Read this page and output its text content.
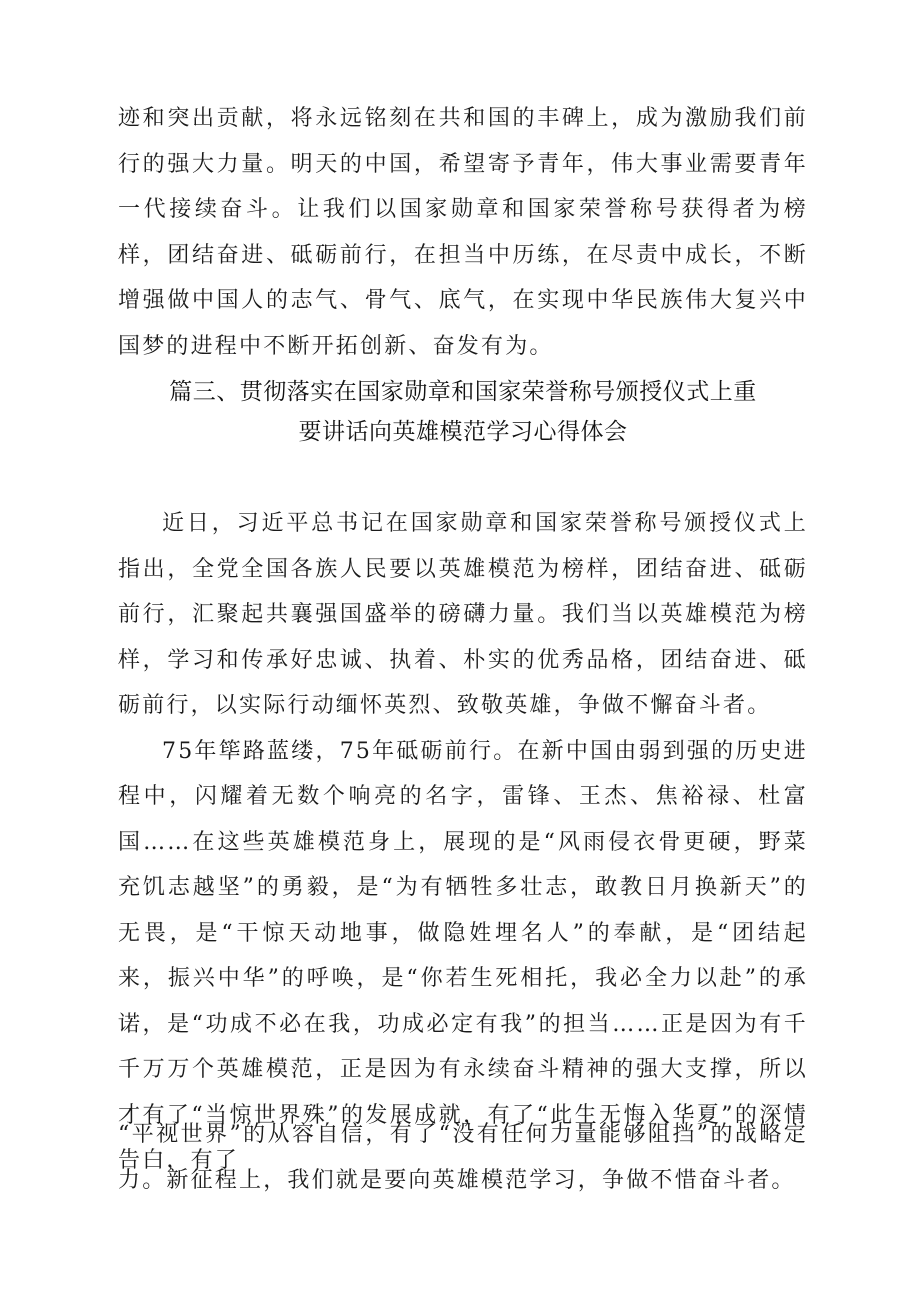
迹和突出贡献，将永远铭刻在共和国的丰碑上，成为激励我们前行的强大力量。明天的中国，希望寄予青年，伟大事业需要青年一代接续奋斗。让我们以国家勋章和国家荣誉称号获得者为榜样，团结奋进、砥砺前行，在担当中历练，在尽责中成长，不断增强做中国人的志气、骨气、底气，在实现中华民族伟大复兴中国梦的进程中不断开拓创新、奋发有为。

篇三、贯彻落实在国家勋章和国家荣誉称号颁授仪式上重
要讲话向英雄模范学习心得体会

近日，习近平总书记在国家勋章和国家荣誉称号颁授仪式上指出，全党全国各族人民要以英雄模范为榜样，团结奋进、砥砺前行，汇聚起共襄强国盛举的磅礴力量。我们当以英雄模范为榜样，学习和传承好忠诚、执着、朴实的优秀品格，团结奋进、砥砺前行，以实际行动缅怀英烈、致敬英雄，争做不懈奋斗者。

75年筚路蓝缕，75年砥砺前行。在新中国由弱到强的历史进程中，闪耀着无数个响亮的名字，雷锋、王杰、焦裕禄、杜富国……在这些英雄模范身上，展现的是“风雨侵衣骨更硬，野菜充饥志越坚”的勇毅，是“为有牺牲多壮志，敢教日月换新天”的无畏，是“干惊天动地事，做隐姓埋名人”的奉献，是“团结起来，振兴中华”的呼唤，是“你若生死相托，我必全力以赴”的承诺，是“功成不必在我，功成必定有我”的担当……正是因为有千千万万个英雄模范，正是因为有永续奋斗精神的强大支撑，所以才有了“当惊世界殊”的发展成就，有了“此生无悔入华夏”的深情告白，有了

“平视世界”的从容自信，有了“没有任何力量能够阻挡”的战略定力。新征程上，我们就是要向英雄模范学习，争做不惜奋斗者。
